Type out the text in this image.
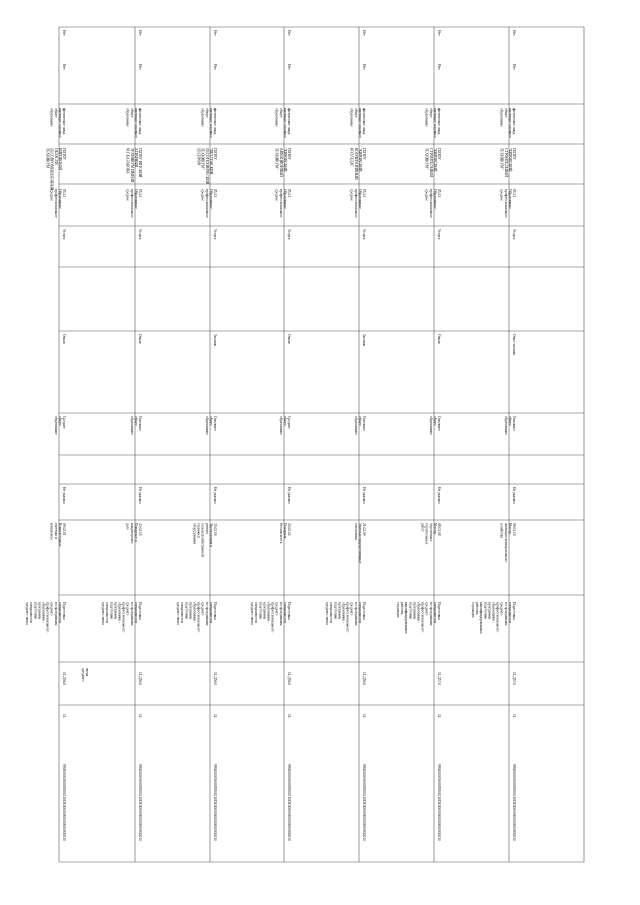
среднего звена
11.
98000000360005800310DE00000000000000000010
11.Д56.0
Подготовкаспециалистовпо программамсреднегопрофессиональногообразования -программыподготовкиспециалистовсреднего звена
09.02.01Компьютерныесистемы икомплексы
Не указано
Среднееобщееобразование
Очная
Услуга
85.21Образованиепрофессиональноесреднее
ГБПОУКИРОВСКОЙОБЛАСТИЛЕСОПРОМЫШЛЕННЫЙТЕХНИКУМ
физические лица,имеющие основноеобщееобразование
Нет
Нет
11.
98000000360005800310DE00000000000000000010
11.Д56.0
Подготовкаспециалистовпо программамсреднегопрофессиональногообразования -программыподготовкиспециалистовсреднего звена
43.02.15Поварское икондитерскоедело
Не указано
Основноеобщееобразование
Очная
Услуга
85.21Образованиепрофессиональноесреднее
ГБПОУ ВЯТСКИЙАГРАРНЫЙТЕХНИКУМ ИМЕНИМ.Г.КАЗАКОВА
физические лица,имеющие основноеобщееобразование
Нет
Нет
11.
98000000360005800310DE00000000000000000010
11.Д56.0
Подготовкаспециалистовпо программамсреднегопрофессиональногообразования -программыподготовкиспециалистовсреднего звена
35.02.16Эксплуатация иремонтсельскохозяйственнойтехники иоборудования
Не указано
Основноеобщееобразование
Заочная
Услуга
85.21Образованиепрофессиональноесреднее
ГБПОУ"ВЕТЛУЖСКИЙЛЕСОТЕХНИЧЕСКИЙТЕХНИКУМ"ЛЕСПРОМ
физические лица,имеющие основноеобщееобразование
Нет
Нет
11.
98000000360005800310DE00000000000000000010
11.Д56.0
Подготовкаспециалистовпо программамсреднегопрофессиональногообразования -программыподготовкиспециалистовсреднего звена
20.02.04Пожарнаябезопасность
Не указано
Среднееобщееобразование
Очная
Услуга
85.21Образованиепрофессиональноесреднее
ГБПОУ"КИРОВСКИЙАВИАЦИОННЫЙТЕХНИКУМ"
физические лица,имеющие основноеобщееобразование
Нет
Нет
11.
98000000360005800310DE00000000000000000010
11.Д56.0
Подготовкаспециалистовпо программамсреднегопрофессиональногообразования -программыподготовкиспециалистовсреднего звена
21.02.05Земельно-имущественныеотношения
Не указано
Основноеобщееобразование
Заочная
Услуга
85.21Образованиепрофессиональноесреднее
ГБПОУ"КИРОВСКИЙКООПЕРАТИВНЫЙКОЛЛЕДЖ"
физические лица,имеющие основноеобщееобразование
Нет
Нет
11.
98000000360005800310DE00000000000000000010
11.Д57.0
Подготовкаспециалистовпо программамсреднегопрофессиональногообразования -программыподготовкиквалифицированныхрабочих,служащих
08.01.08Мастеротделочныхстроительныхработ
Не указано
Основноеобщееобразование
Очная
Услуга
85.21Образованиепрофессиональноесреднее
ГБПОУ"КИРОВСКИЙСТРОИТЕЛЬНЫЙТЕХНИКУМ"
физические лица,имеющие основноеобщееобразование
Нет
Нет
11.
98000000360005800310DE00000000000000000010
11.Д57.0
Подготовкаспециалистовпо программамсреднегопрофессиональногообразования -программыподготовкиквалифицированныхрабочих,служащих
08.01.10Мастержилищно-коммунальногохозяйства
Не указано
Основноеобщееобразование
Очно-заочная
Услуга
85.21Образованиепрофессиональноесреднее
ГБПОУ"КИРОВСКИЙСТРОИТЕЛЬНЫЙТЕХНИКУМ"
физические лица,имеющие основноеобщееобразование
Нет
Нет
